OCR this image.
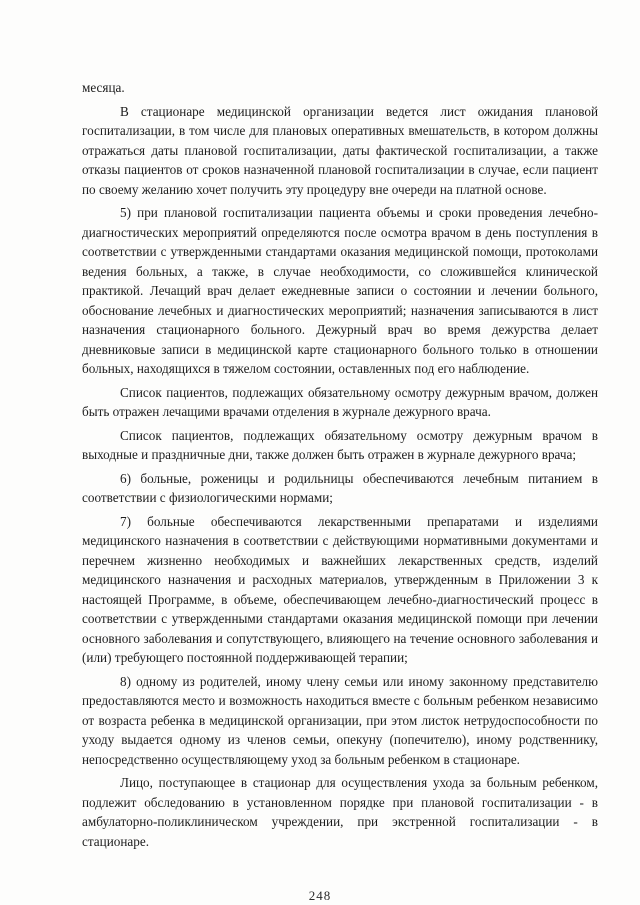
месяца.

В стационаре медицинской организации ведется лист ожидания плановой госпитализации, в том числе для плановых оперативных вмешательств, в котором должны отражаться даты плановой госпитализации, даты фактической госпитализации, а также отказы пациентов от сроков назначенной плановой госпитализации в случае, если пациент по своему желанию хочет получить эту процедуру вне очереди на платной основе.

5) при плановой госпитализации пациента объемы и сроки проведения лечебно-диагностических мероприятий определяются после осмотра врачом в день поступления в соответствии с утвержденными стандартами оказания медицинской помощи, протоколами ведения больных, а также, в случае необходимости, со сложившейся клинической практикой. Лечащий врач делает ежедневные записи о состоянии и лечении больного, обоснование лечебных и диагностических мероприятий; назначения записываются в лист назначения стационарного больного. Дежурный врач во время дежурства делает дневниковые записи в медицинской карте стационарного больного только в отношении больных, находящихся в тяжелом состоянии, оставленных под его наблюдение.

Список пациентов, подлежащих обязательному осмотру дежурным врачом, должен быть отражен лечащими врачами отделения в журнале дежурного врача.

Список пациентов, подлежащих обязательному осмотру дежурным врачом в выходные и праздничные дни, также должен быть отражен в журнале дежурного врача;

6) больные, роженицы и родильницы обеспечиваются лечебным питанием в соответствии с физиологическими нормами;

7) больные обеспечиваются лекарственными препаратами и изделиями медицинского назначения в соответствии с действующими нормативными документами и перечнем жизненно необходимых и важнейших лекарственных средств, изделий медицинского назначения и расходных материалов, утвержденным в Приложении 3 к настоящей Программе, в объеме, обеспечивающем лечебно-диагностический процесс в соответствии с утвержденными стандартами оказания медицинской помощи при лечении основного заболевания и сопутствующего, влияющего на течение основного заболевания и (или) требующего постоянной поддерживающей терапии;

8) одному из родителей, иному члену семьи или иному законному представителю предоставляются место и возможность находиться вместе с больным ребенком независимо от возраста ребенка в медицинской организации, при этом листок нетрудоспособности по уходу выдается одному из членов семьи, опекуну (попечителю), иному родственнику, непосредственно осуществляющему уход за больным ребенком в стационаре.

Лицо, поступающее в стационар для осуществления ухода за больным ребенком, подлежит обследованию в установленном порядке при плановой госпитализации - в амбулаторно-поликлиническом учреждении, при экстренной госпитализации - в стационаре.

248
